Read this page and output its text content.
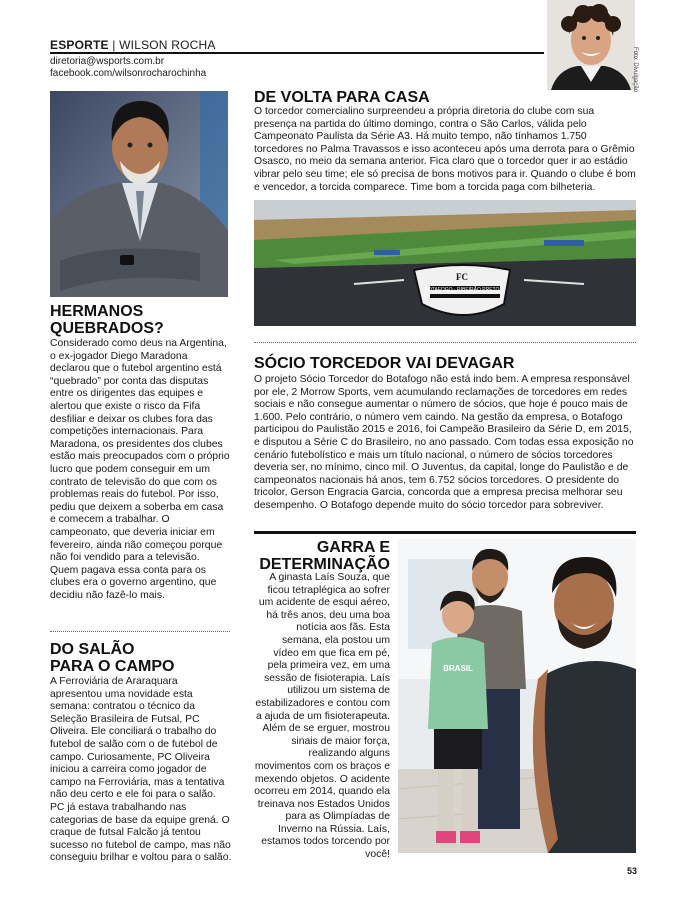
ESPORTE | WILSON ROCHA
diretoria@wsports.com.br
facebook.com/wilsonrocharochinha	Foto: Divulgação
HERMANOS
QUEBRADOS?

Considerado como deus na Argentina, o ex-jogador Diego Maradona declarou que o futebol argentino está “quebrado” por conta das disputas entre os dirigentes das equipes e alertou que existe o risco da Fifa desfiliar e deixar os clubes fora das competições internacionais. Para Maradona, os presidentes dos clubes estão mais preocupados com o próprio lucro que podem conseguir em um contrato de televisão do que com os problemas reais do futebol. Por isso, pediu que deixem a soberba em casa e comecem a trabalhar. O campeonato, que deveria iniciar em fevereiro, ainda não começou porque não foi vendido para a televisão. Quem pagava essa conta para os clubes era o governo argentino, que decidiu não fazê-lo mais.

DO SALÃO
PARA O CAMPO

A Ferroviária de Araraquara apresentou uma novidade esta semana: contratou o técnico da Seleção Brasileira de Futsal, PC Oliveira. Ele conciliará o trabalho do futebol de salão com o de futebol de campo. Curiosamente, PC Oliveira iniciou a carreira como jogador de campo na Ferroviária, mas a tentativa não deu certo e ele foi para o salão. PC já estava trabalhando nas categorias de base da equipe grená. O craque de futsal Falcão já tentou sucesso no futebol de campo, mas não conseguiu brilhar e voltou para o salão.

DE VOLTA PARA CASA

O torcedor comercialino surpreendeu a própria diretoria do clube com sua presença na partida do último domingo, contra o São Carlos, válida pelo Campeonato Paulista da Série A3. Há muito tempo, não tínhamos 1.750 torcedores no Palma Travassos e isso aconteceu após uma derrota para o Grêmio Osasco, no meio da semana anterior. Fica claro que o torcedor quer ir ao estádio vibrar pelo seu time; ele só precisa de bons motivos para ir. Quando o clube é bom e vencedor, a torcida comparece. Time bom a torcida paga com bilheteria.

FC
BOTAFOGO · RIBEIRÃO PRETO
SÓCIO TORCEDOR VAI DEVAGAR

O projeto Sócio Torcedor do Botafogo não está indo bem. A empresa responsável por ele, 2 Morrow Sports, vem acumulando reclamações de torcedores em redes sociais e não consegue aumentar o número de sócios, que hoje é pouco mais de 1.600. Pelo contrário, o número vem caindo. Na gestão da empresa, o Botafogo participou do Paulistão 2015 e 2016, foi Campeão Brasileiro da Série D, em 2015, e disputou a Série C do Brasileiro, no ano passado. Com todas essa exposição no cenário futebolístico e mais um título nacional, o número de sócios torcedores deveria ser, no mínimo, cinco mil. O Juventus, da capital, longe do Paulistão e de campeonatos nacionais há anos, tem 6.752 sócios torcedores. O presidente do tricolor, Gerson Engracia Garcia, concorda que a empresa precisa melhorar seu desempenho. O Botafogo depende muito do sócio torcedor para sobreviver.

GARRA E
DETERMINAÇÃO

A ginasta Laís Souza, que ficou tetraplégica ao sofrer um acidente de esqui aéreo, há três anos, deu uma boa notícia aos fãs. Esta semana, ela postou um vídeo em que fica em pé, pela primeira vez, em uma sessão de fisioterapia. Laís utilizou um sistema de estabilizadores e contou com a ajuda de um fisioterapeuta. Além de se erguer, mostrou sinais de maior força, realizando alguns movimentos com os braços e mexendo objetos. O acidente ocorreu em 2014, quando ela treinava nos Estados Unidos para as Olimpíadas de Inverno na Rússia. Laís, estamos todos torcendo por você!

BRASIL
53
